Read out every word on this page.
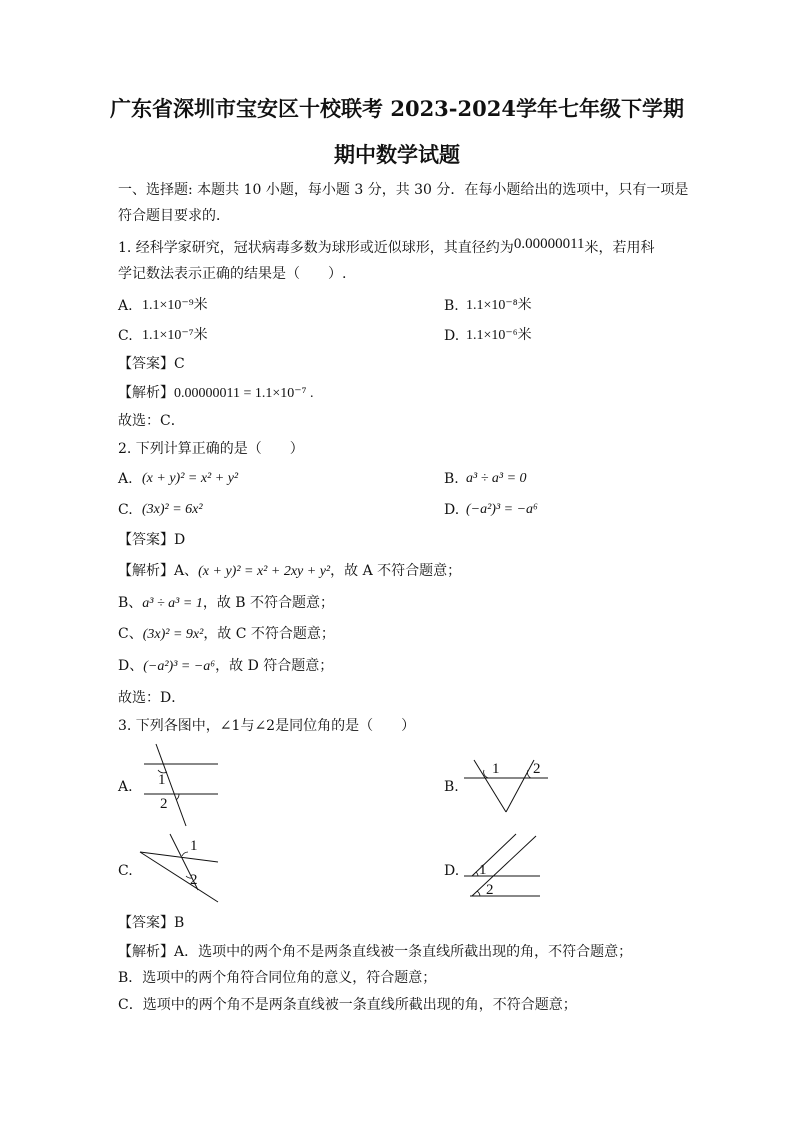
广东省深圳市宝安区十校联考 2023-2024学年七年级下学期
期中数学试题
一、选择题: 本题共 10 小题，每小题 3 分，共 30 分．在每小题给出的选项中，只有一项是
符合题目要求的．
1. 经科学家研究，冠状病毒多数为球形或近似球形，其直径约为0.00000011米，若用科
学记数法表示正确的结果是（　　）.
A. 1.1×10⁻⁹米	B. 1.1×10⁻⁸米
C. 1.1×10⁻⁷米	D. 1.1×10⁻⁶米
【答案】C
【解析】0.00000011 = 1.1×10⁻⁷ .
故选：C．
2. 下列计算正确的是（　　）
A. (x + y)² = x² + y²	B. a³ ÷ a³ = 0
C. (3x)² = 6x²	D. (−a²)³ = −a⁶
【答案】D
【解析】A、(x + y)² = x² + 2xy + y²，故 A 不符合题意；
B、a³ ÷ a³ = 1，故 B 不符合题意；
C、(3x)² = 9x²，故 C 不符合题意；
D、(−a²)³ = −a⁶，故 D 符合题意；
故选：D．
3. 下列各图中，∠1与∠2是同位角的是（　　）
A.	B.
C.	D.
1
2
1 2
1
2
1
2
【答案】B
【解析】A．选项中的两个角不是两条直线被一条直线所截出现的角，不符合题意；
B．选项中的两个角符合同位角的意义，符合题意；
C．选项中的两个角不是两条直线被一条直线所截出现的角，不符合题意；
